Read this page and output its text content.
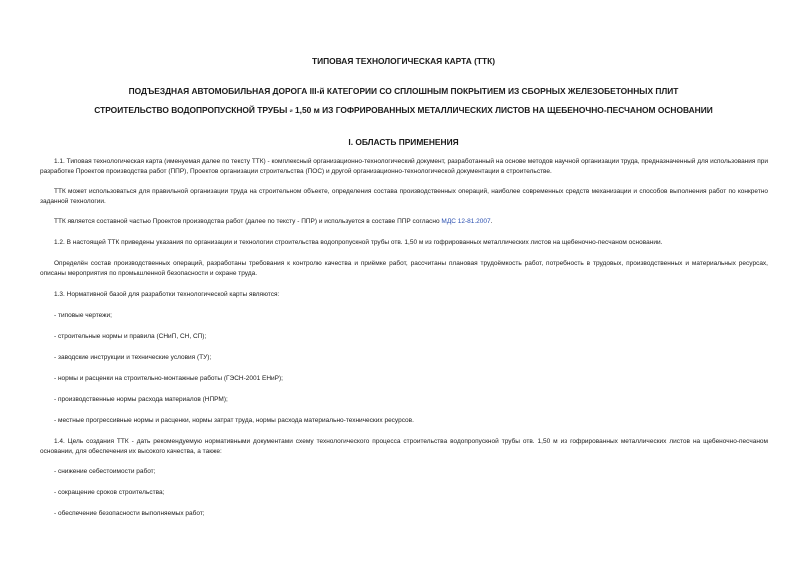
ТИПОВАЯ ТЕХНОЛОГИЧЕСКАЯ КАРТА (ТТК)
ПОДЪЕЗДНАЯ АВТОМОБИЛЬНАЯ ДОРОГА III-й КАТЕГОРИИ СО СПЛОШНЫМ ПОКРЫТИЕМ ИЗ СБОРНЫХ ЖЕЛЕЗОБЕТОННЫХ ПЛИТ
СТРОИТЕЛЬСТВО ВОДОПРОПУСКНОЙ ТРУБЫ ⌀ 1,50 м ИЗ ГОФРИРОВАННЫХ МЕТАЛЛИЧЕСКИХ ЛИСТОВ НА ЩЕБЕНОЧНО-ПЕСЧАНОМ ОСНОВАНИИ
I. ОБЛАСТЬ ПРИМЕНЕНИЯ
1.1. Типовая технологическая карта (именуемая далее по тексту ТТК) - комплексный организационно-технологический документ, разработанный на основе методов научной организации труда, предназначенный для использования при разработке Проектов производства работ (ППР), Проектов организации строительства (ПОС) и другой организационно-технологической документации в строительстве.
ТТК может использоваться для правильной организации труда на строительном объекте, определения состава производственных операций, наиболее современных средств механизации и способов выполнения работ по конкретно заданной технологии.
ТТК является составной частью Проектов производства работ (далее по тексту - ППР) и используется в составе ППР согласно МДС 12-81.2007.
1.2. В настоящей ТТК приведены указания по организации и технологии строительства водопропускной трубы отв. 1,50 м из гофрированных металлических листов на щебеночно-песчаном основании.
Определён состав производственных операций, разработаны требования к контролю качества и приёмке работ, рассчитаны плановая трудоёмкость работ, потребность в трудовых, производственных и материальных ресурсах, описаны мероприятия по промышленной безопасности и охране труда.
1.3. Нормативной базой для разработки технологической карты являются:
- типовые чертежи;
- строительные нормы и правила (СНиП, СН, СП);
- заводские инструкции и технические условия (ТУ);
- нормы и расценки на строительно-монтажные работы (ГЭСН-2001 ЕНиР);
- производственные нормы расхода материалов (НПРМ);
- местные прогрессивные нормы и расценки, нормы затрат труда, нормы расхода материально-технических ресурсов.
1.4. Цель создания ТТК - дать рекомендуемую нормативными документами схему технологического процесса строительства водопропускной трубы отв. 1,50 м из гофрированных металлических листов на щебеночно-песчаном основании, для обеспечения их высокого качества, а также:
- снижение себестоимости работ;
- сокращение сроков строительства;
- обеспечение безопасности выполняемых работ;
